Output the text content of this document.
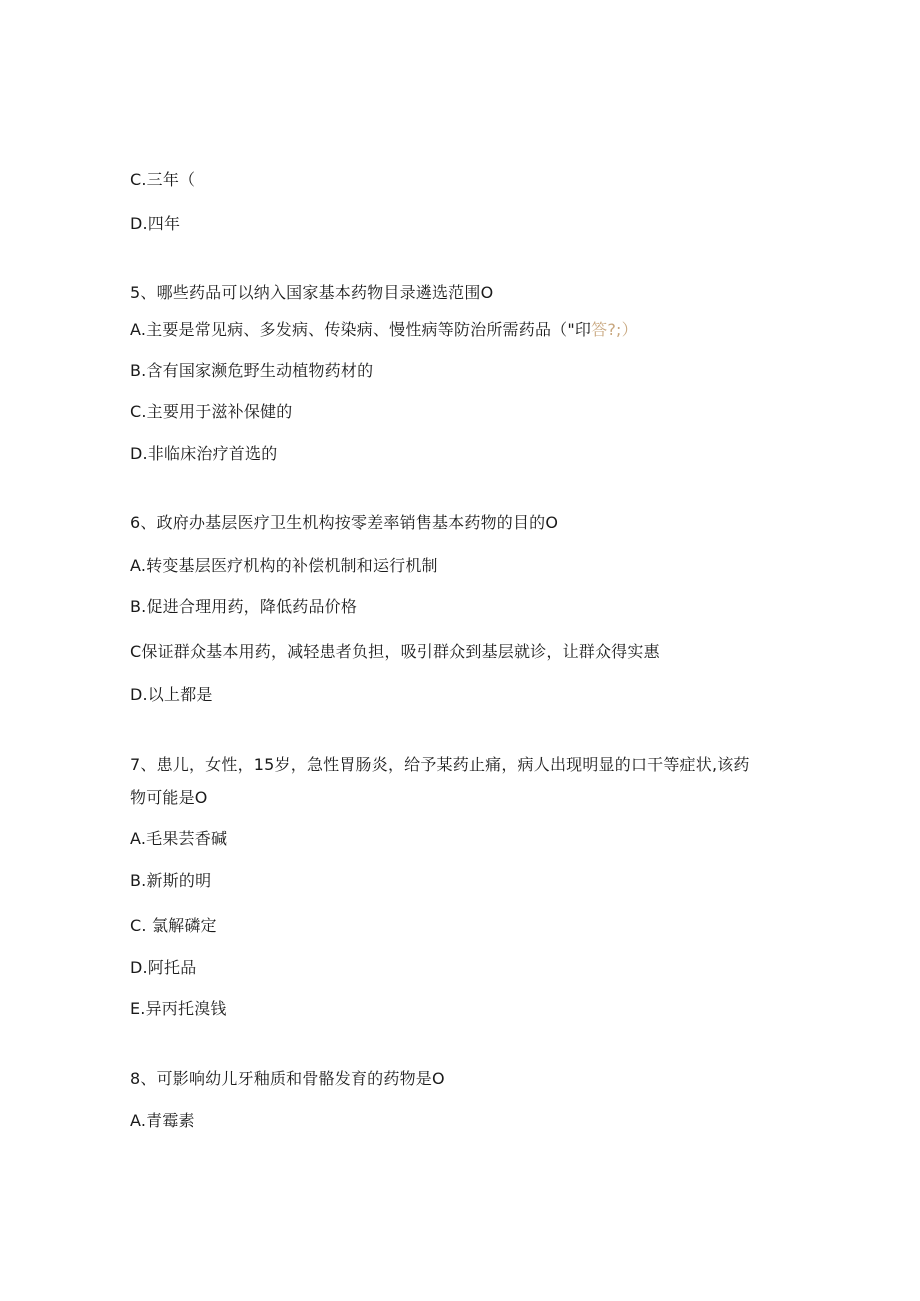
C.三年（
D.四年
5、哪些药品可以纳入国家基本药物目录遴选范围O
A.主要是常见病、多发病、传染病、慢性病等防治所需药品（"印答?;）
B.含有国家濒危野生动植物药材的
C.主要用于滋补保健的
D.非临床治疗首选的
6、政府办基层医疗卫生机构按零差率销售基本药物的目的O
A.转变基层医疗机构的补偿机制和运行机制
B.促进合理用药，降低药品价格
C保证群众基本用药，减轻患者负担，吸引群众到基层就诊，让群众得实惠
D.以上都是
7、患儿，女性，15岁，急性胃肠炎，给予某药止痛，病人出现明显的口干等症状,该药
物可能是O
A.毛果芸香碱
B.新斯的明
C. 氯解磷定
D.阿托品
E.异丙托溴钱
8、可影响幼儿牙釉质和骨骼发育的药物是O
A.青霉素
